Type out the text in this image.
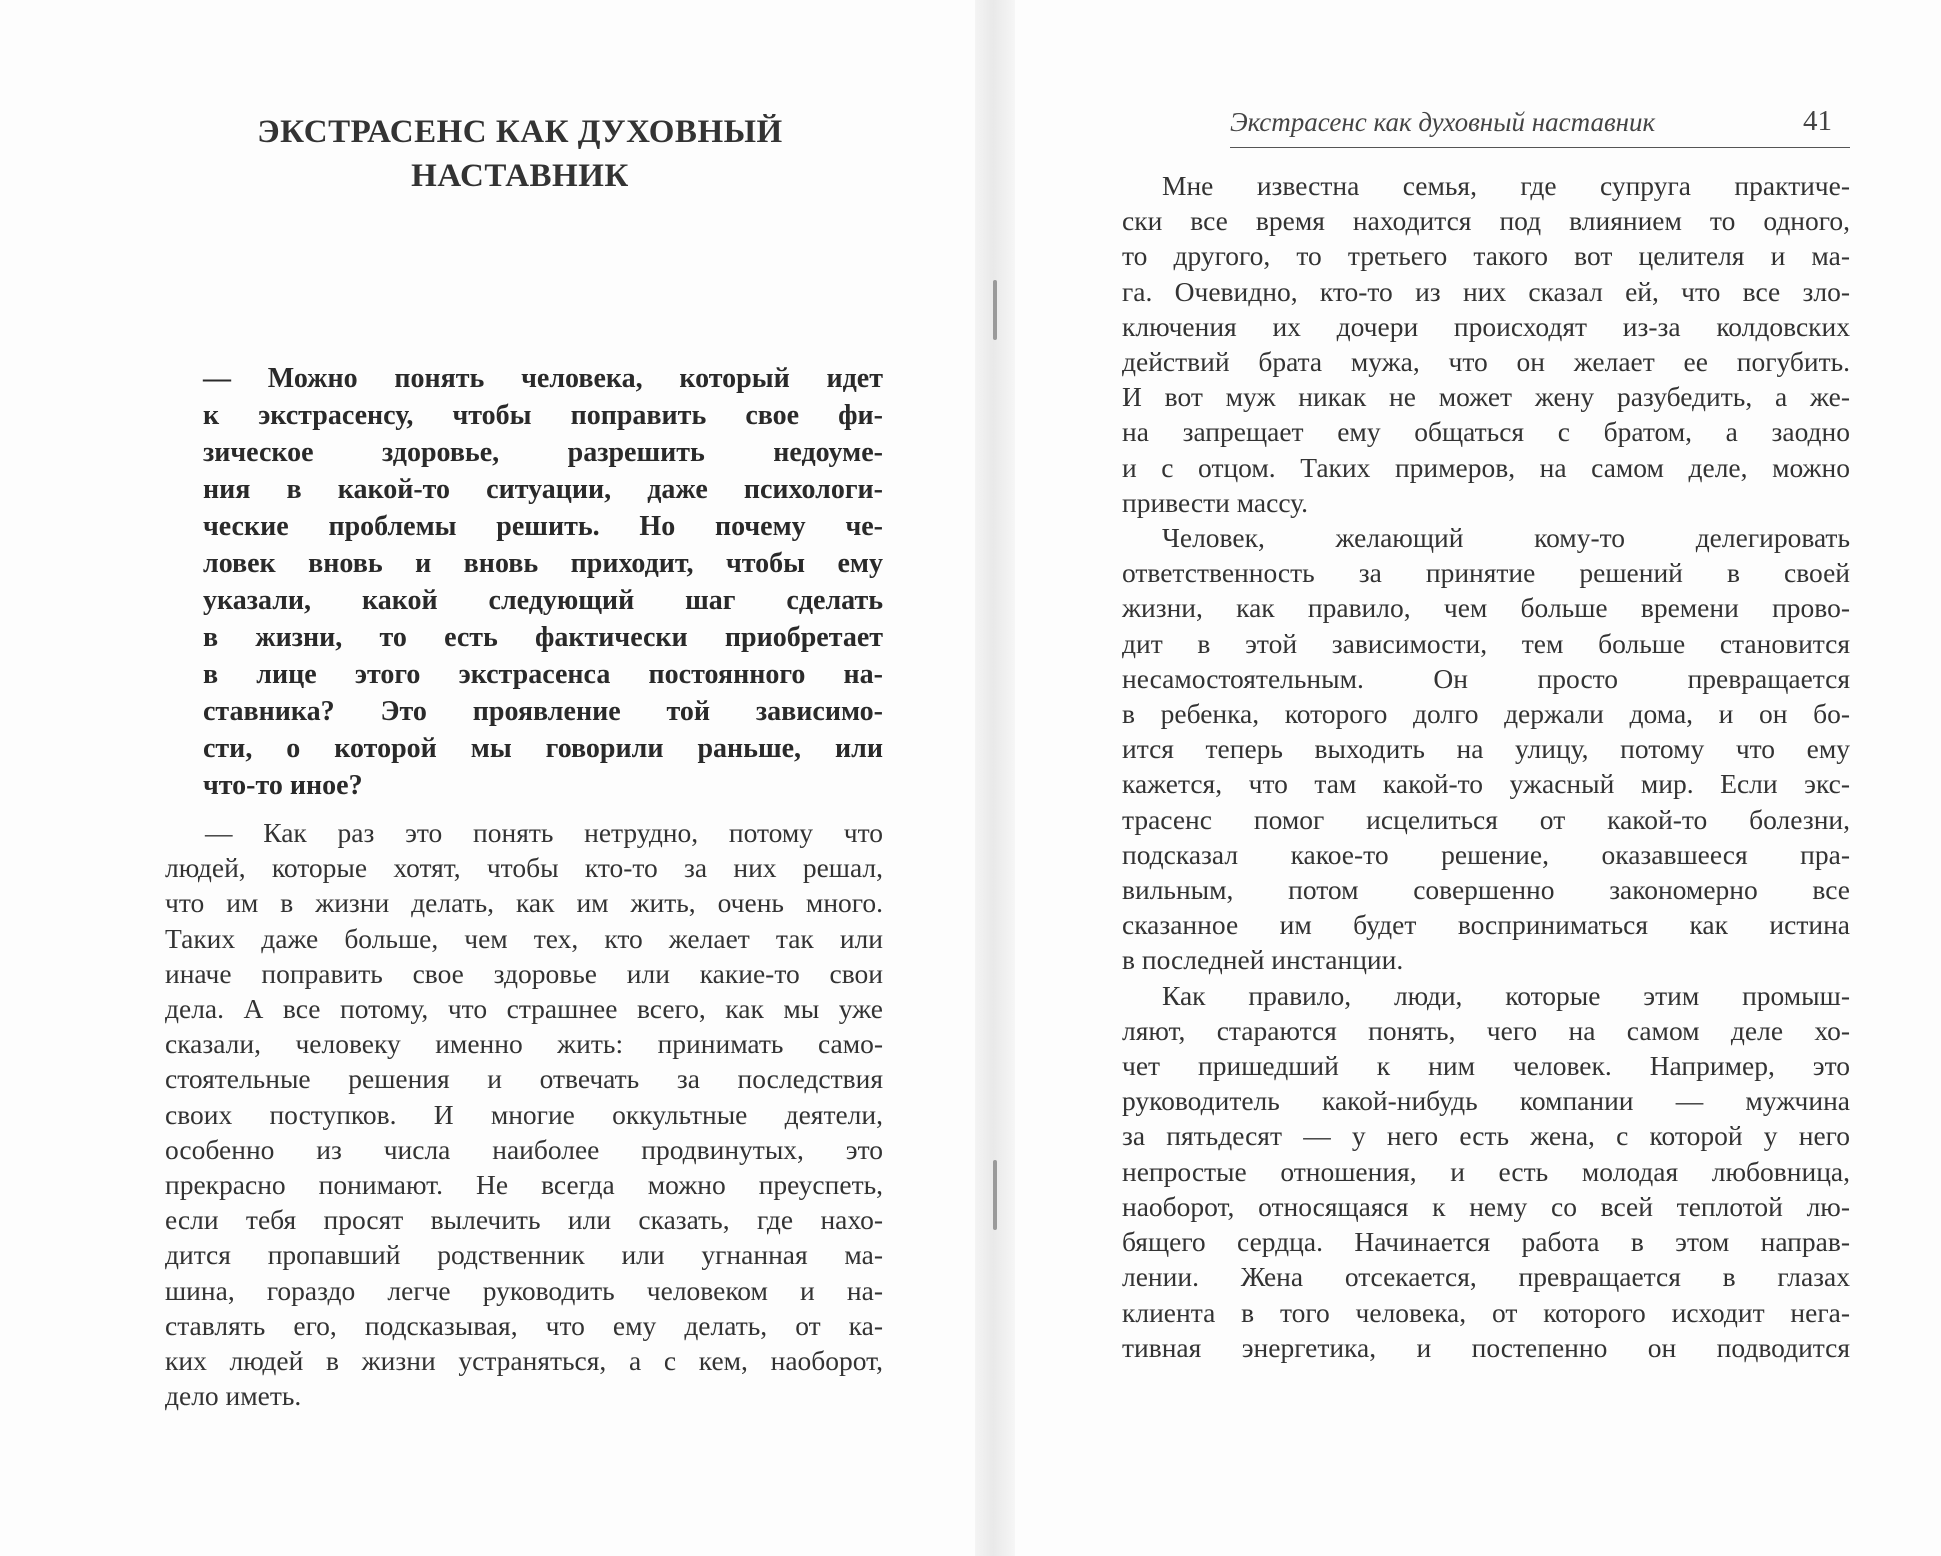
ЭКСТРАСЕНС КАК ДУХОВНЫЙ
НАСТАВНИК
— Можно понять человека, который идет
к экстрасенсу, чтобы поправить свое фи-
зическое здоровье, разрешить недоуме-
ния в какой-то ситуации, даже психологи-
ческие проблемы решить. Но почему че-
ловек вновь и вновь приходит, чтобы ему
указали, какой следующий шаг сделать
в жизни, то есть фактически приобретает
в лице этого экстрасенса постоянного на-
ставника? Это проявление той зависимо-
сти, о которой мы говорили раньше, или
что-то иное?
— Как раз это понять нетрудно, потому что
людей, которые хотят, чтобы кто-то за них решал,
что им в жизни делать, как им жить, очень много.
Таких даже больше, чем тех, кто желает так или
иначе поправить свое здоровье или какие-то свои
дела. А все потому, что страшнее всего, как мы уже
сказали, человеку именно жить: принимать само-
стоятельные решения и отвечать за последствия
своих поступков. И многие оккультные деятели,
особенно из числа наиболее продвинутых, это
прекрасно понимают. Не всегда можно преуспеть,
если тебя просят вылечить или сказать, где нахо-
дится пропавший родственник или угнанная ма-
шина, гораздо легче руководить человеком и на-
ставлять его, подсказывая, что ему делать, от ка-
ких людей в жизни устраняться, а с кем, наоборот,
дело иметь.
Экстрасенс как духовный наставник	41
Мне известна семья, где супруга практиче-
ски все время находится под влиянием то одного,
то другого, то третьего такого вот целителя и ма-
га. Очевидно, кто-то из них сказал ей, что все зло-
ключения их дочери происходят из-за колдовских
действий брата мужа, что он желает ее погубить.
И вот муж никак не может жену разубедить, а же-
на запрещает ему общаться с братом, а заодно
и с отцом. Таких примеров, на самом деле, можно
привести массу.
Человек, желающий кому-то делегировать
ответственность за принятие решений в своей
жизни, как правило, чем больше времени прово-
дит в этой зависимости, тем больше становится
несамостоятельным. Он просто превращается
в ребенка, которого долго держали дома, и он бо-
ится теперь выходить на улицу, потому что ему
кажется, что там какой-то ужасный мир. Если экс-
трасенс помог исцелиться от какой-то болезни,
подсказал какое-то решение, оказавшееся пра-
вильным, потом совершенно закономерно все
сказанное им будет восприниматься как истина
в последней инстанции.
Как правило, люди, которые этим промыш-
ляют, стараются понять, чего на самом деле хо-
чет пришедший к ним человек. Например, это
руководитель какой-нибудь компании — мужчина
за пятьдесят — у него есть жена, с которой у него
непростые отношения, и есть молодая любовница,
наоборот, относящаяся к нему со всей теплотой лю-
бящего сердца. Начинается работа в этом направ-
лении. Жена отсекается, превращается в глазах
клиента в того человека, от которого исходит нега-
тивная энергетика, и постепенно он подводится
